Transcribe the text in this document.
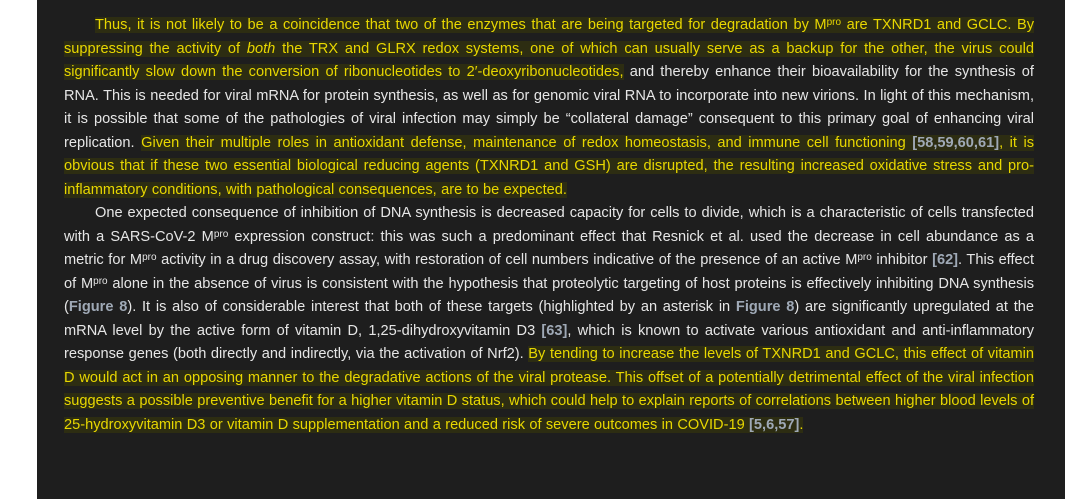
Thus, it is not likely to be a coincidence that two of the enzymes that are being targeted for degradation by $M^{pro}$ are TXNRD1 and GCLC. By suppressing the activity of both the TRX and GLRX redox systems, one of which can usually serve as a backup for the other, the virus could significantly slow down the conversion of ribonucleotides to 2′-deoxyribonucleotides, and thereby enhance their bioavailability for the synthesis of RNA. This is needed for viral mRNA for protein synthesis, as well as for genomic viral RNA to incorporate into new virions. In light of this mechanism, it is possible that some of the pathologies of viral infection may simply be “collateral damage” consequent to this primary goal of enhancing viral replication. Given their multiple roles in antioxidant defense, maintenance of redox homeostasis, and immune cell functioning [58,59,60,61], it is obvious that if these two essential biological reducing agents (TXNRD1 and GSH) are disrupted, the resulting increased oxidative stress and pro-inflammatory conditions, with pathological consequences, are to be expected.

One expected consequence of inhibition of DNA synthesis is decreased capacity for cells to divide, which is a characteristic of cells transfected with a SARS-CoV-2 $M^{pro}$ expression construct: this was such a predominant effect that Resnick et al. used the decrease in cell abundance as a metric for $M^{pro}$ activity in a drug discovery assay, with restoration of cell numbers indicative of the presence of an active $M^{pro}$ inhibitor [62]. This effect of $M^{pro}$ alone in the absence of virus is consistent with the hypothesis that proteolytic targeting of host proteins is effectively inhibiting DNA synthesis (Figure 8). It is also of considerable interest that both of these targets (highlighted by an asterisk in Figure 8) are significantly upregulated at the mRNA level by the active form of vitamin D, 1,25-dihydroxyvitamin D3 [63], which is known to activate various antioxidant and anti-inflammatory response genes (both directly and indirectly, via the activation of Nrf2). By tending to increase the levels of TXNRD1 and GCLC, this effect of vitamin D would act in an opposing manner to the degradative actions of the viral protease. This offset of a potentially detrimental effect of the viral infection suggests a possible preventive benefit for a higher vitamin D status, which could help to explain reports of correlations between higher blood levels of 25-hydroxyvitamin D3 or vitamin D supplementation and a reduced risk of severe outcomes in COVID-19 [5,6,57].
